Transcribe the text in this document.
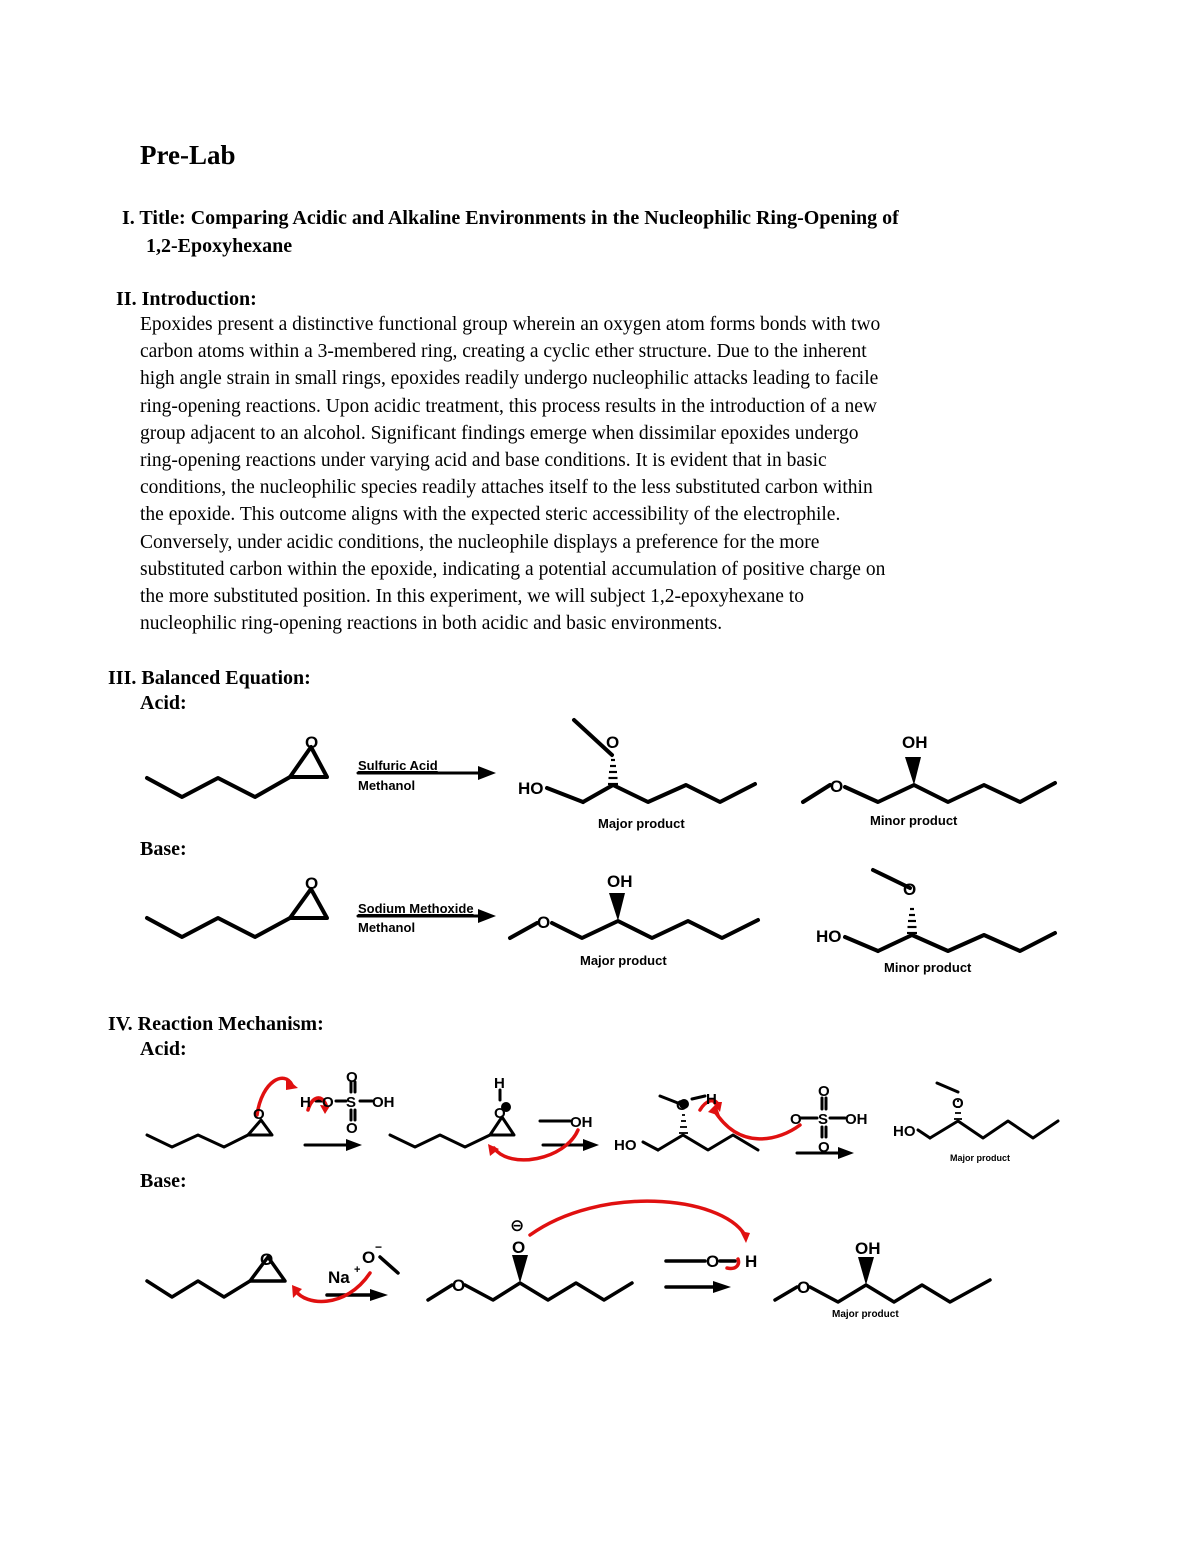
Pre-Lab
I. Title: Comparing Acidic and Alkaline Environments in the Nucleophilic Ring-Opening of
1,2-Epoxyhexane
II. Introduction:
Epoxides present a distinctive functional group wherein an oxygen atom forms bonds with two
carbon atoms within a 3-membered ring, creating a cyclic ether structure. Due to the inherent
high angle strain in small rings, epoxides readily undergo nucleophilic attacks leading to facile
ring-opening reactions. Upon acidic treatment, this process results in the introduction of a new
group adjacent to an alcohol. Significant findings emerge when dissimilar epoxides undergo
ring-opening reactions under varying acid and base conditions. It is evident that in basic
conditions, the nucleophilic species readily attaches itself to the less substituted carbon within
the epoxide. This outcome aligns with the expected steric accessibility of the electrophile.
Conversely, under acidic conditions, the nucleophile displays a preference for the more
substituted carbon within the epoxide, indicating a potential accumulation of positive charge on
the more substituted position. In this experiment, we will subject 1,2-epoxyhexane to
nucleophilic ring-opening reactions in both acidic and basic environments.
III. Balanced Equation:
Acid:
Base:
IV. Reaction Mechanism:
Acid:
Base:
O
Sulfuric Acid
Methanol	HO
O
Major product
O
OH
Minor product
O
Sodium Methoxide
Methanol	O
OH
Major product
HO
O
Minor product
O
H O S OH
O
O
H
O
OH
HO
O H
O S OH
O
O
HO
O
Major product
O
Na +
O
−
O
⊖
O
O H
O
OH
Major product
